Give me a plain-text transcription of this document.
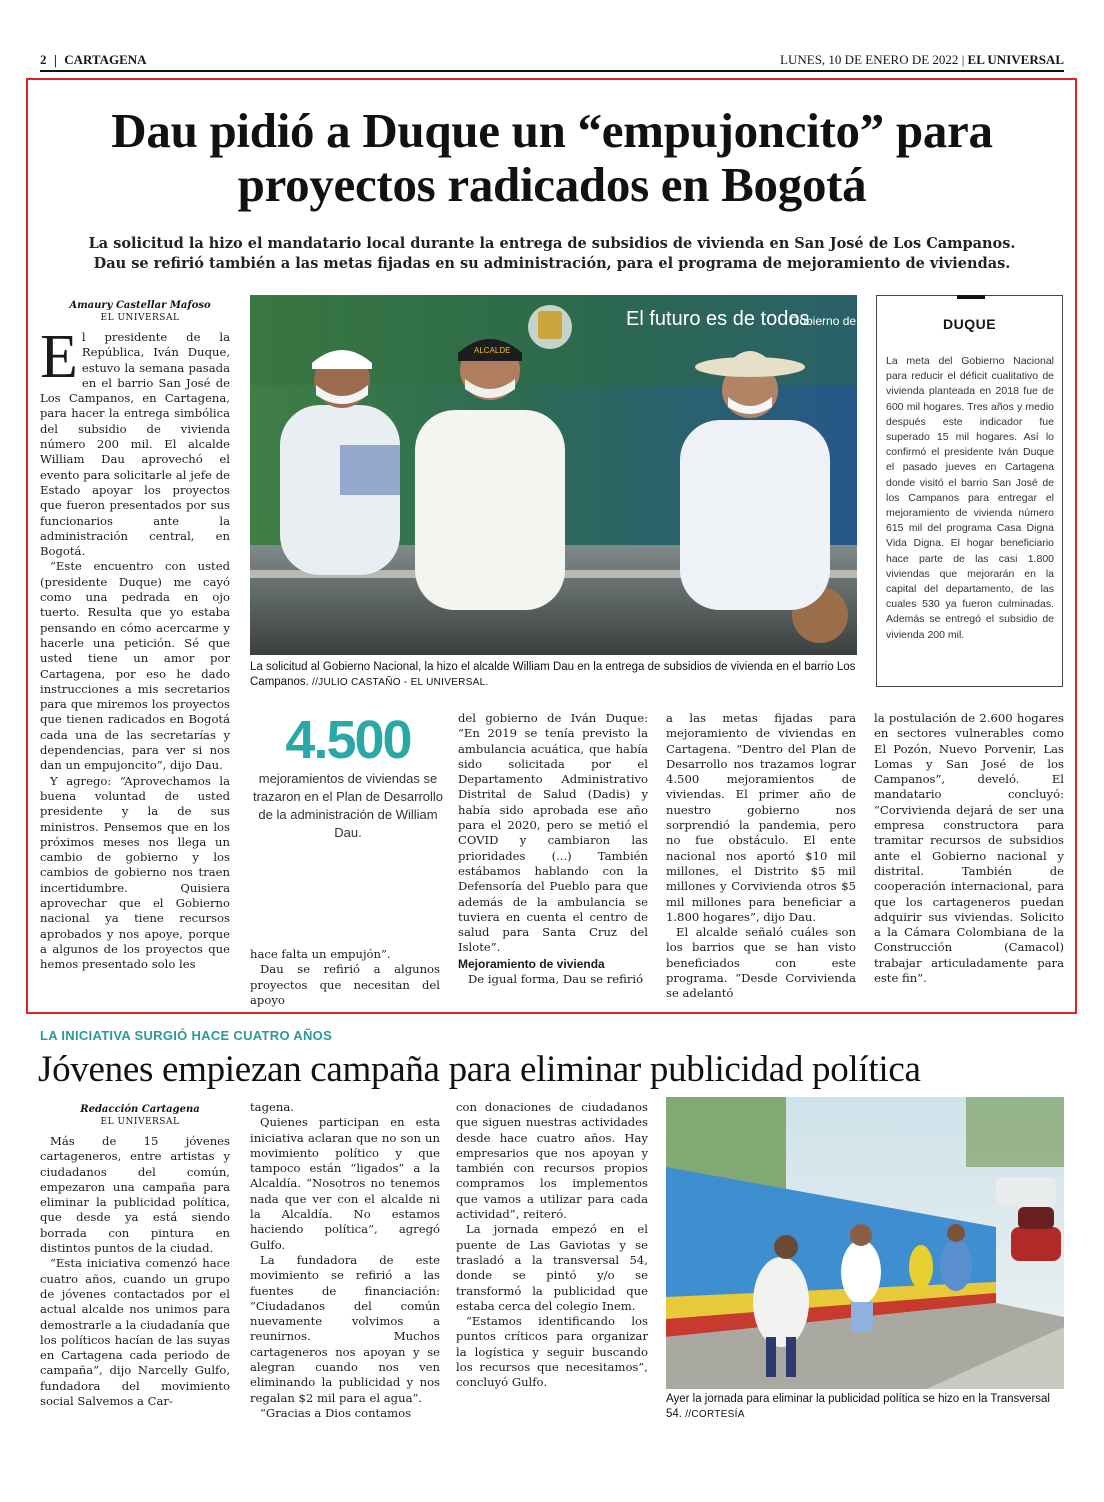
2 | CARTAGENA	LUNES, 10 DE ENERO DE 2022 | EL UNIVERSAL
Dau pidió a Duque un “empujoncito” para proyectos radicados en Bogotá
La solicitud la hizo el mandatario local durante la entrega de subsidios de vivienda en San José de Los Campanos. Dau se refirió también a las metas fijadas en su administración, para el programa de mejoramiento de viviendas.
Amaury Castellar Mafoso
EL UNIVERSAL

El presidente de la República, Iván Duque, estuvo la semana pasada en el barrio San José de Los Campanos, en Cartagena, para hacer la entrega simbólica del subsidio de vivienda número 200 mil. El alcalde William Dau aprovechó el evento para solicitarle al jefe de Estado apoyar los proyectos que fueron presentados por sus funcionarios ante la administración central, en Bogotá.

“Este encuentro con usted (presidente Duque) me cayó como una pedrada en ojo tuerto. Resulta que yo estaba pensando en cómo acercarme y hacerle una petición. Sé que usted tiene un amor por Cartagena, por eso he dado instrucciones a mis secretarios para que miremos los proyectos que tienen radicados en Bogotá cada una de las secretarías y dependencias, para ver si nos dan un empujoncito”, dijo Dau.

Y agrego: “Aprovechamos la buena voluntad de usted presidente y la de sus ministros. Pensemos que en los próximos meses nos llega un cambio de gobierno y los cambios de gobierno nos traen incertidumbre. Quisiera aprovechar que el Gobierno nacional ya tiene recursos aprobados y nos apoye, porque a algunos de los proyectos que hemos presentado solo les

El futuro es de todos
Gobierno de Col
ALCALDE
La solicitud al Gobierno Nacional, la hizo el alcalde William Dau en la entrega de subsidios de vivienda en el barrio Los Campanos. //JULIO CASTAÑO - EL UNIVERSAL.
DUQUE
La meta del Gobierno Nacional para reducir el déficit cualitativo de vivienda planteada en 2018 fue de 600 mil hogares. Tres años y medio después este indicador fue superado 15 mil hogares. Así lo confirmó el presidente Iván Duque el pasado jueves en Cartagena donde visitó el barrio San José de los Campanos para entregar el mejoramiento de vivienda número 615 mil del programa Casa Digna Vida Digna. El hogar beneficiario hace parte de las casi 1.800 viviendas que mejorarán en la capital del departamento, de las cuales 530 ya fueron culminadas. Además se entregó el subsidio de vivienda 200 mil.
4.500
mejoramientos de viviendas se trazaron en el Plan de Desarrollo de la administración de William Dau.

hace falta un empujón”.

Dau se refirió a algunos proyectos que necesitan del apoyo

del gobierno de Iván Duque: “En 2019 se tenía previsto la ambulancia acuática, que había sido solicitada por el Departamento Administrativo Distrital de Salud (Dadis) y había sido aprobada ese año para el 2020, pero se metió el COVID y cambiaron las prioridades (...) También estábamos hablando con la Defensoría del Pueblo para que además de la ambulancia se tuviera en cuenta el centro de salud para Santa Cruz del Islote”.

Mejoramiento de vivienda

De igual forma, Dau se refirió

a las metas fijadas para mejoramiento de viviendas en Cartagena. “Dentro del Plan de Desarrollo nos trazamos lograr 4.500 mejoramientos de viviendas. El primer año de nuestro gobierno nos sorprendió la pandemia, pero no fue obstáculo. El ente nacional nos aportó $10 mil millones, el Distrito $5 mil millones y Corvivienda otros $5 mil millones para beneficiar a 1.800 hogares”, dijo Dau.

El alcalde señaló cuáles son los barrios que se han visto beneficiados con este programa. “Desde Corvivienda se adelantó

la postulación de 2.600 hogares en sectores vulnerables como El Pozón, Nuevo Porvenir, Las Lomas y San José de los Campanos”, develó. El mandatario concluyó: “Corvivienda dejará de ser una empresa constructora para tramitar recursos de subsidios ante el Gobierno nacional y distrital. También de cooperación internacional, para que los cartageneros puedan adquirir sus viviendas. Solicito a la Cámara Colombiana de la Construcción (Camacol) trabajar articuladamente para este fin”.

LA INICIATIVA SURGIÓ HACE CUATRO AÑOS
Jóvenes empiezan campaña para eliminar publicidad política
Redacción Cartagena
EL UNIVERSAL

Más de 15 jóvenes cartageneros, entre artistas y ciudadanos del común, empezaron una campaña para eliminar la publicidad política, que desde ya está siendo borrada con pintura en distintos puntos de la ciudad.

“Esta iniciativa comenzó hace cuatro años, cuando un grupo de jóvenes contactados por el actual alcalde nos unimos para demostrarle a la ciudadanía que los políticos hacían de las suyas en Cartagena cada periodo de campaña”, dijo Narcelly Gulfo, fundadora del movimiento social Salvemos a Car-

tagena.

Quienes participan en esta iniciativa aclaran que no son un movimiento político y que tampoco están “ligados” a la Alcaldía. “Nosotros no tenemos nada que ver con el alcalde ni la Alcaldía. No estamos haciendo política”, agregó Gulfo.

La fundadora de este movimiento se refirió a las fuentes de financiación: “Ciudadanos del común nuevamente volvimos a reunirnos. Muchos cartageneros nos apoyan y se alegran cuando nos ven eliminando la publicidad y nos regalan $2 mil para el agua”.

“Gracias a Dios contamos

con donaciones de ciudadanos que siguen nuestras actividades desde hace cuatro años. Hay empresarios que nos apoyan y también con recursos propios compramos los implementos que vamos a utilizar para cada actividad”, reiteró.

La jornada empezó en el puente de Las Gaviotas y se trasladó a la transversal 54, donde se pintó y/o se transformó la publicidad que estaba cerca del colegio Inem.

“Estamos identificando los puntos críticos para organizar la logística y seguir buscando los recursos que necesitamos”, concluyó Gulfo.

Ayer la jornada para eliminar la publicidad política se hizo en la Transversal 54. //CORTESÍA
